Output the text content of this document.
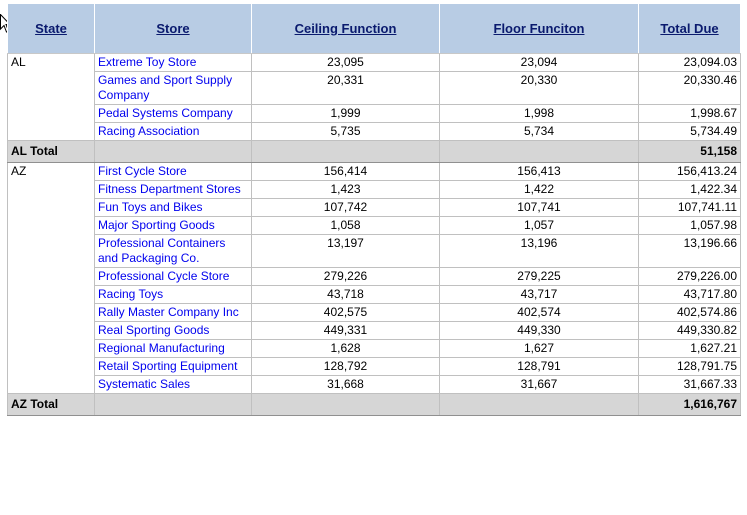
State	Store	Ceiling Function	Floor Funciton	Total Due
AL	Extreme Toy Store	23,095	23,094	23,094.03
	Games and Sport Supply Company	20,331	20,330	20,330.46
	Pedal Systems Company	1,999	1,998	1,998.67
	Racing Association	5,735	5,734	5,734.49
AL Total				51,158
AZ	First Cycle Store	156,414	156,413	156,413.24
	Fitness Department Stores	1,423	1,422	1,422.34
	Fun Toys and Bikes	107,742	107,741	107,741.11
	Major Sporting Goods	1,058	1,057	1,057.98
	Professional Containers and Packaging Co.	13,197	13,196	13,196.66
	Professional Cycle Store	279,226	279,225	279,226.00
	Racing Toys	43,718	43,717	43,717.80
	Rally Master Company Inc	402,575	402,574	402,574.86
	Real Sporting Goods	449,331	449,330	449,330.82
	Regional Manufacturing	1,628	1,627	1,627.21
	Retail Sporting Equipment	128,792	128,791	128,791.75
	Systematic Sales	31,668	31,667	31,667.33
AZ Total				1,616,767
